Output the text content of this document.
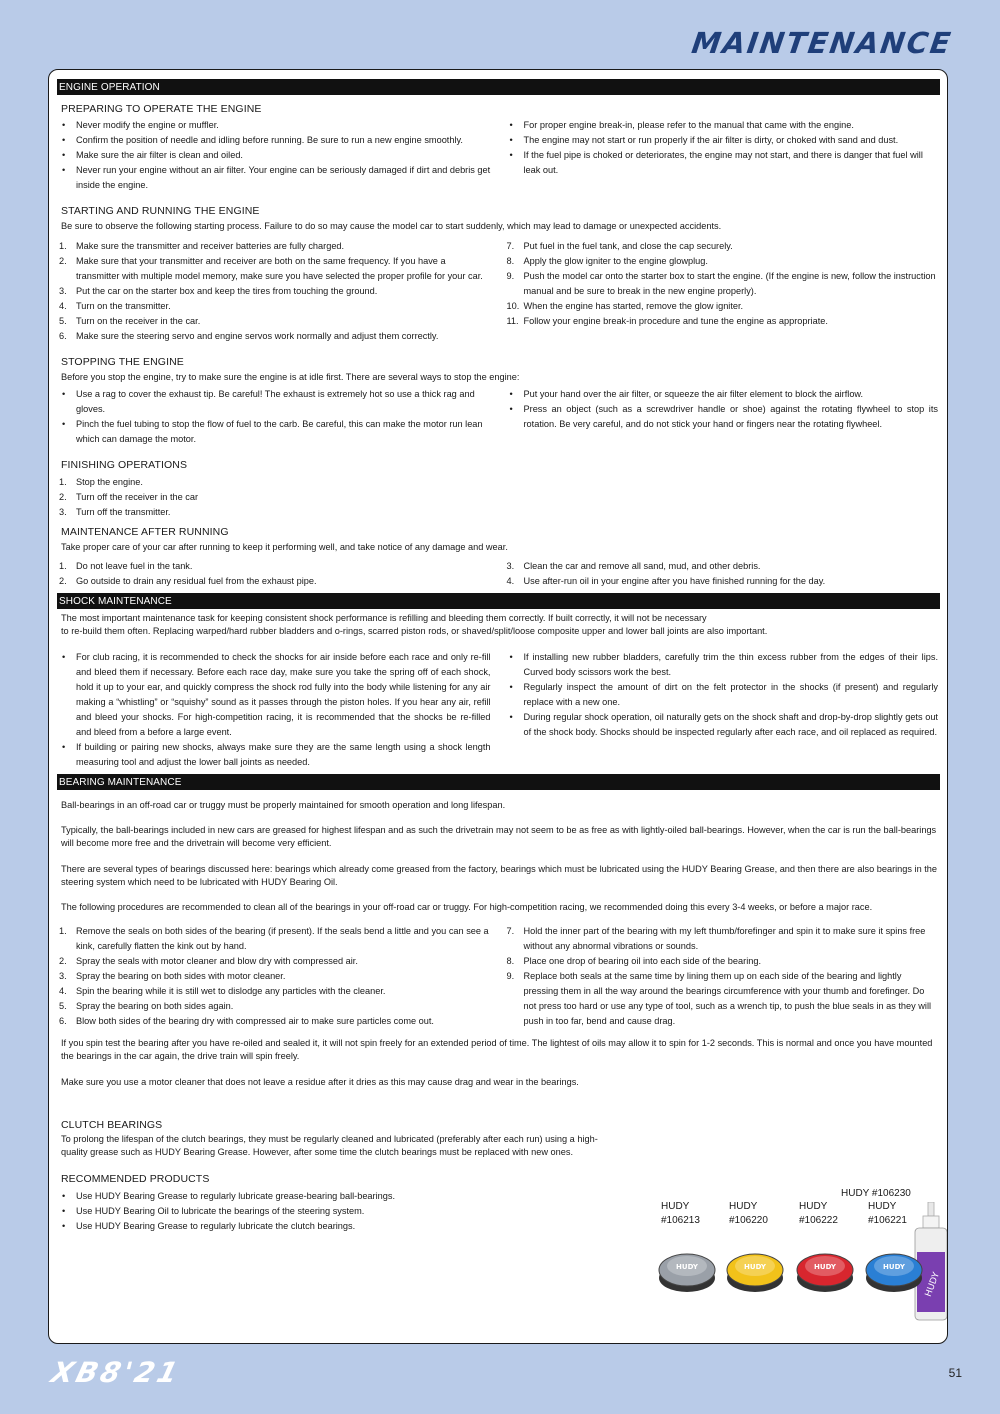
MAINTENANCE
ENGINE OPERATION
PREPARING TO OPERATE THE ENGINE
• Never modify the engine or muffler.
• Confirm the position of needle and idling before running. Be sure to run a new engine smoothly.
• Make sure the air filter is clean and oiled.
• Never run your engine without an air filter. Your engine can be seriously damaged if dirt and debris get inside the engine.
• For proper engine break-in, please refer to the manual that came with the engine.
• The engine may not start or run properly if the air filter is dirty, or choked with sand and dust.
• If the fuel pipe is choked or deteriorates, the engine may not start, and there is danger that fuel will leak out.
STARTING AND RUNNING THE ENGINE

Be sure to observe the following starting process. Failure to do so may cause the model car to start suddenly, which may lead to damage or unexpected accidents.

1. Make sure the transmitter and receiver batteries are fully charged.
2. Make sure that your transmitter and receiver are both on the same frequency. If you have a transmitter with multiple model memory, make sure you have selected the proper profile for your car.
3. Put the car on the starter box and keep the tires from touching the ground.
4. Turn on the transmitter.
5. Turn on the receiver in the car.
6. Make sure the steering servo and engine servos work normally and adjust them correctly.
7. Put fuel in the fuel tank, and close the cap securely.
8. Apply the glow igniter to the engine glowplug.
9. Push the model car onto the starter box to start the engine. (If the engine is new, follow the instruction manual and be sure to break in the new engine properly).
10. When the engine has started, remove the glow igniter.
11. Follow your engine break-in procedure and tune the engine as appropriate.
STOPPING THE ENGINE

Before you stop the engine, try to make sure the engine is at idle first. There are several ways to stop the engine:

• Use a rag to cover the exhaust tip. Be careful! The exhaust is extremely hot so use a thick rag and gloves.
• Pinch the fuel tubing to stop the flow of fuel to the carb. Be careful, this can make the motor run lean which can damage the motor.
• Put your hand over the air filter, or squeeze the air filter element to block the airflow.
• Press an object (such as a screwdriver handle or shoe) against the rotating flywheel to stop its rotation. Be very careful, and do not stick your hand or fingers near the rotating flywheel.
FINISHING OPERATIONS
1. Stop the engine.
2. Turn off the receiver in the car
3. Turn off the transmitter.
MAINTENANCE AFTER RUNNING

Take proper care of your car after running to keep it performing well, and take notice of any damage and wear.

1. Do not leave fuel in the tank.
2. Go outside to drain any residual fuel from the exhaust pipe.
3. Clean the car and remove all sand, mud, and other debris.
4. Use after-run oil in your engine after you have finished running for the day.
SHOCK MAINTENANCE

The most important maintenance task for keeping consistent shock performance is refilling and bleeding them correctly. If built correctly, it will not be necessary

to re-build them often. Replacing warped/hard rubber bladders and o-rings, scarred piston rods, or shaved/split/loose composite upper and lower ball joints are also important.

• For club racing, it is recommended to check the shocks for air inside before each race and only re-fill and bleed them if necessary. Before each race day, make sure you take the spring off of each shock, hold it up to your ear, and quickly compress the shock rod fully into the body while listening for any air making a “whistling” or “squishy” sound as it passes through the piston holes. If you hear any air, refill and bleed your shocks. For high-competition racing, it is recommended that the shocks be re-filled and bleed from a before a large event.
• If building or pairing new shocks, always make sure they are the same length using a shock length measuring tool and adjust the lower ball joints as needed.
• If installing new rubber bladders, carefully trim the thin excess rubber from the edges of their lips. Curved body scissors work the best.
• Regularly inspect the amount of dirt on the felt protector in the shocks (if present) and regularly replace with a new one.
• During regular shock operation, oil naturally gets on the shock shaft and drop-by-drop slightly gets out of the shock body. Shocks should be inspected regularly after each race, and oil replaced as required.
BEARING MAINTENANCE

Ball-bearings in an off-road car or truggy must be properly maintained for smooth operation and long lifespan.

Typically, the ball-bearings included in new cars are greased for highest lifespan and as such the drivetrain may not seem to be as free as with lightly-oiled ball-bearings. However, when the car is run the ball-bearings will become more free and the drivetrain will become very efficient.

There are several types of bearings discussed here: bearings which already come greased from the factory, bearings which must be lubricated using the HUDY Bearing Grease, and then there are also bearings in the steering system which need to be lubricated with HUDY Bearing Oil.

The following procedures are recommended to clean all of the bearings in your off-road car or truggy. For high-competition racing, we recommended doing this every 3-4 weeks, or before a major race.

1. Remove the seals on both sides of the bearing (if present). If the seals bend a little and you can see a kink, carefully flatten the kink out by hand.
2. Spray the seals with motor cleaner and blow dry with compressed air.
3. Spray the bearing on both sides with motor cleaner.
4. Spin the bearing while it is still wet to dislodge any particles with the cleaner.
5. Spray the bearing on both sides again.
6. Blow both sides of the bearing dry with compressed air to make sure particles come out.
7. Hold the inner part of the bearing with my left thumb/forefinger and spin it to make sure it spins free without any abnormal vibrations or sounds.
8. Place one drop of bearing oil into each side of the bearing.
9. Replace both seals at the same time by lining them up on each side of the bearing and lightly pressing them in all the way around the bearings circumference with your thumb and forefinger. Do not press too hard or use any type of tool, such as a wrench tip, to push the blue seals in as they will push in too far, bend and cause drag.

If you spin test the bearing after you have re-oiled and sealed it, it will not spin freely for an extended period of time. The lightest of oils may allow it to spin for 1-2 seconds. This is normal and once you have mounted the bearings in the car again, the drive train will spin freely.

Make sure you use a motor cleaner that does not leave a residue after it dries as this may cause drag and wear in the bearings.

CLUTCH BEARINGS

To prolong the lifespan of the clutch bearings, they must be regularly cleaned and lubricated (preferably after each run) using a high-quality grease such as HUDY Bearing Grease. However, after some time the clutch bearings must be replaced with new ones.

RECOMMENDED PRODUCTS
• Use HUDY Bearing Grease to regularly lubricate grease-bearing ball-bearings.
• Use HUDY Bearing Oil to lubricate the bearings of the steering system.
• Use HUDY Bearing Grease to regularly lubricate the clutch bearings.
HUDY #106230
HUDY
HUDY
#106213
HUDY
HUDY
#106220
HUDY
HUDY
#106222
HUDY
HUDY
#106221
HUDY
XB8'21	51
